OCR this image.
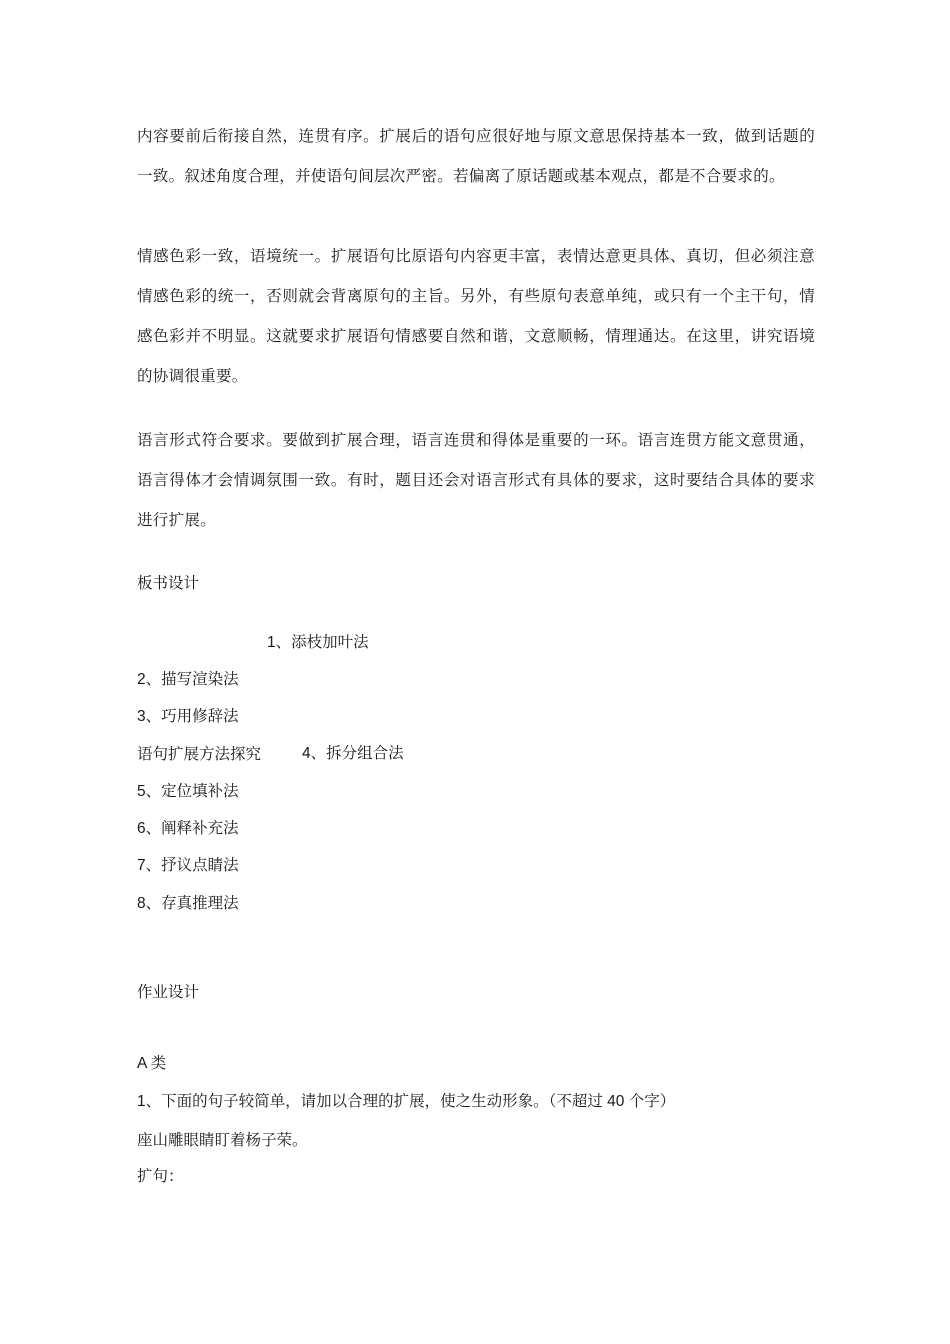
内容要前后衔接自然，连贯有序。扩展后的语句应很好地与原文意思保持基本一致，做到话题的一致。叙述角度合理，并使语句间层次严密。若偏离了原话题或基本观点，都是不合要求的。

情感色彩一致，语境统一。扩展语句比原语句内容更丰富，表情达意更具体、真切，但必须注意情感色彩的统一，否则就会背离原句的主旨。另外，有些原句表意单纯，或只有一个主干句，情感色彩并不明显。这就要求扩展语句情感要自然和谐，文意顺畅，情理通达。在这里，讲究语境的协调很重要。

语言形式符合要求。要做到扩展合理，语言连贯和得体是重要的一环。语言连贯方能文意贯通，语言得体才会情调氛围一致。有时，题目还会对语言形式有具体的要求，这时要结合具体的要求进行扩展。

板书设计
1、添枝加叶法
2、描写渲染法
3、巧用修辞法
语句扩展方法探究	4、拆分组合法
5、定位填补法
6、阐释补充法
7、抒议点睛法
8、存真推理法
作业设计
A 类
1、下面的句子较简单，请加以合理的扩展，使之生动形象。（不超过 40 个字）
座山雕眼睛盯着杨子荣。
扩句：
